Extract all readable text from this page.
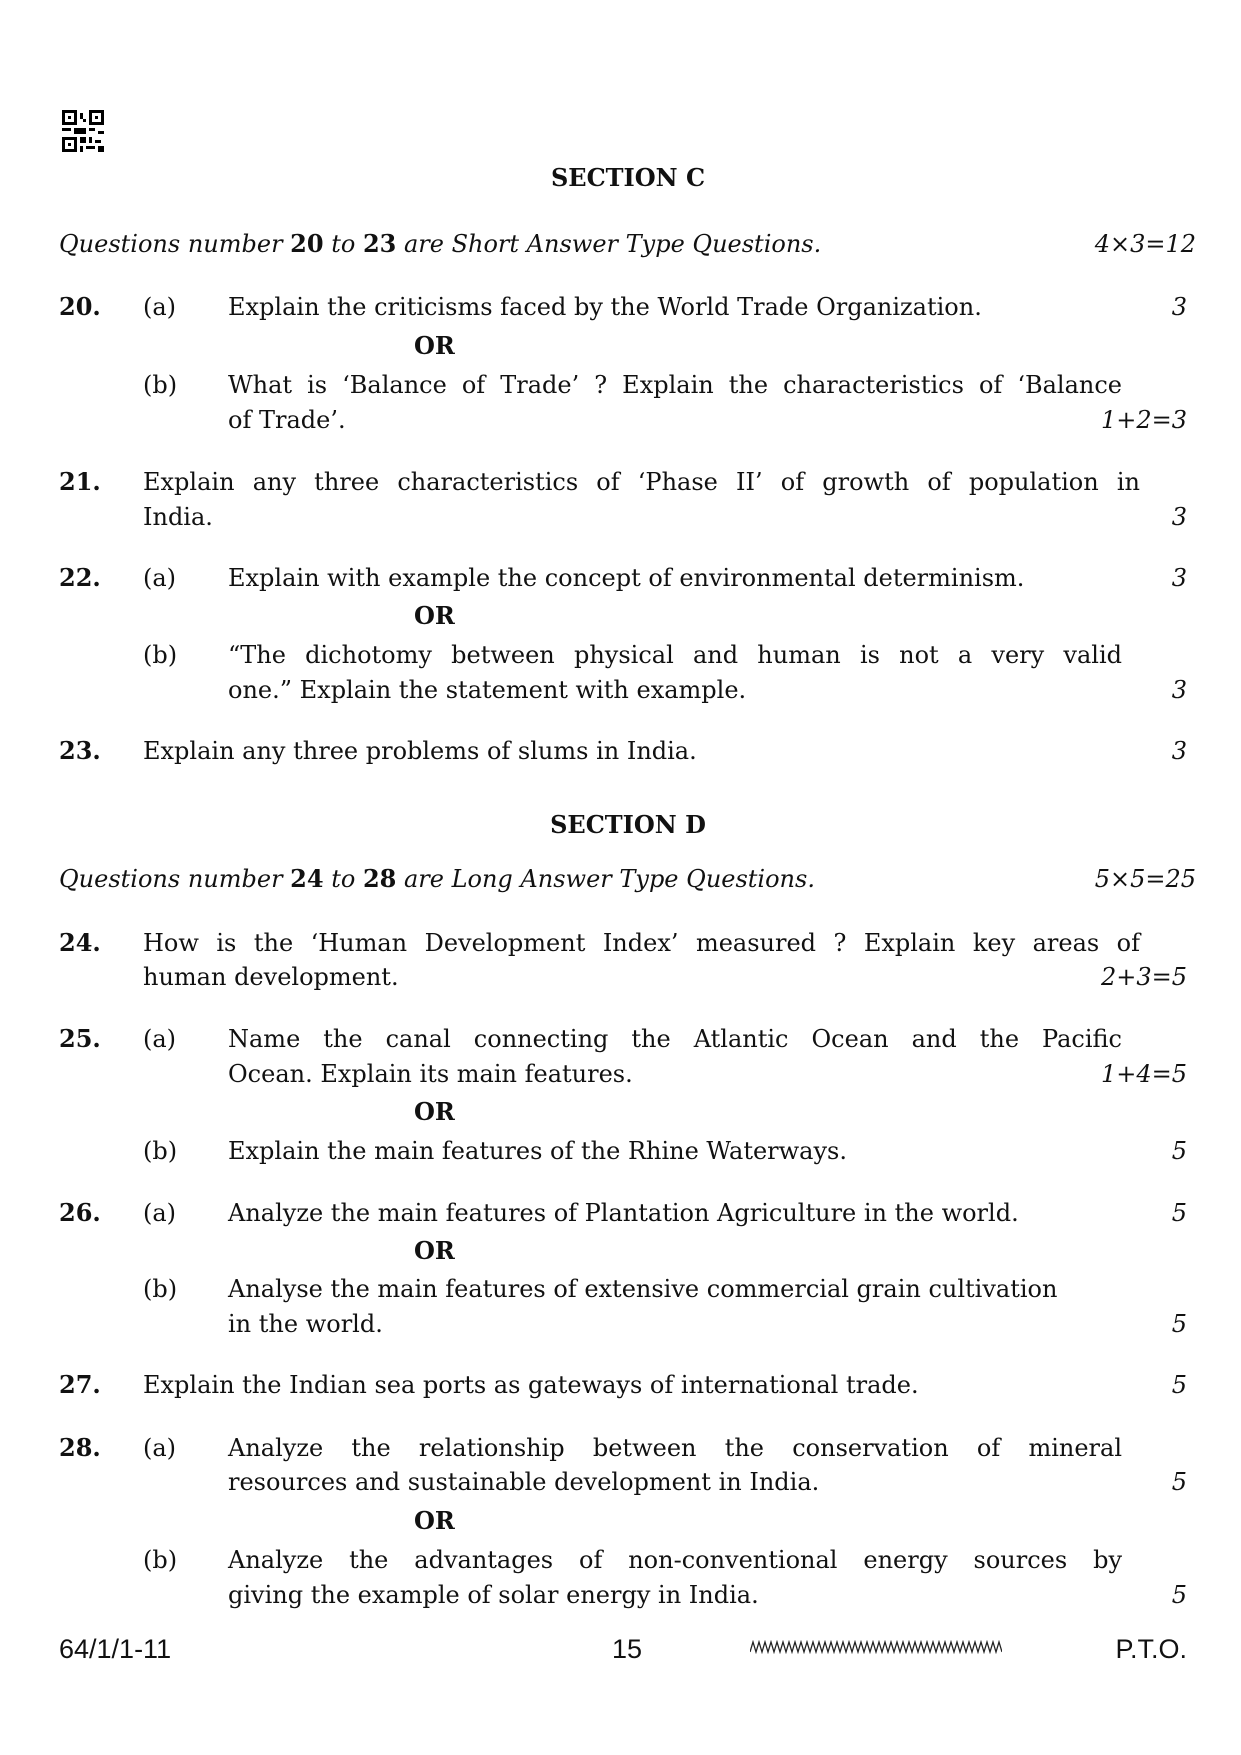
SECTION C
Questions number 20 to 23 are Short Answer Type Questions.	4×3=12
20. (a) Explain the criticisms faced by the World Trade Organization.	3
OR
(b) What is ‘Balance of Trade’ ? Explain the characteristics of ‘Balance
of Trade’.	1+2=3
21. Explain any three characteristics of ‘Phase II’ of growth of population in
India.	3
22. (a) Explain with example the concept of environmental determinism.	3
OR
(b) “The dichotomy between physical and human is not a very valid
one.” Explain the statement with example.	3
23. Explain any three problems of slums in India.	3
SECTION D
Questions number 24 to 28 are Long Answer Type Questions.	5×5=25
24. How is the ‘Human Development Index’ measured ? Explain key areas of
human development.	2+3=5
25. (a) Name the canal connecting the Atlantic Ocean and the Pacific
Ocean. Explain its main features.	1+4=5
OR
(b) Explain the main features of the Rhine Waterways.	5
26. (a) Analyze the main features of Plantation Agriculture in the world.	5
OR
(b) Analyse the main features of extensive commercial grain cultivation
in the world.	5
27. Explain the Indian sea ports as gateways of international trade.	5
28. (a) Analyze the relationship between the conservation of mineral
resources and sustainable development in India.	5
OR
(b) Analyze the advantages of non-conventional energy sources by
giving the example of solar energy in India.	5
64/1/1-11	15	P.T.O.
